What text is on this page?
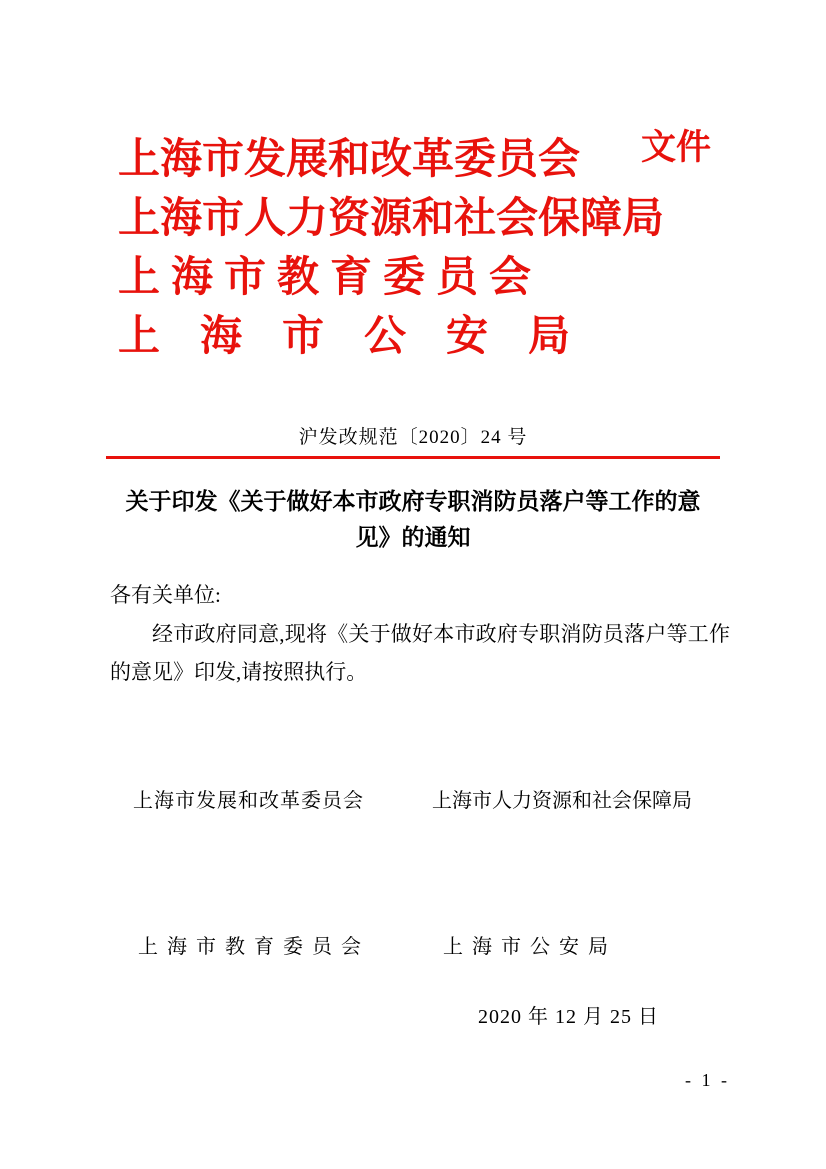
上海市发展和改革委员会
上海市人力资源和社会保障局
上海市教育委员会
上海市公安局
文件
沪发改规范〔2020〕24 号
关于印发《关于做好本市政府专职消防员落户等工作的意见》的通知
各有关单位:
经市政府同意,现将《关于做好本市政府专职消防员落户等工作的意见》印发,请按照执行。
上海市发展和改革委员会	上海市人力资源和社会保障局
上海市教育委员会	上海市公安局
2020 年 12 月 25 日
- 1 -
